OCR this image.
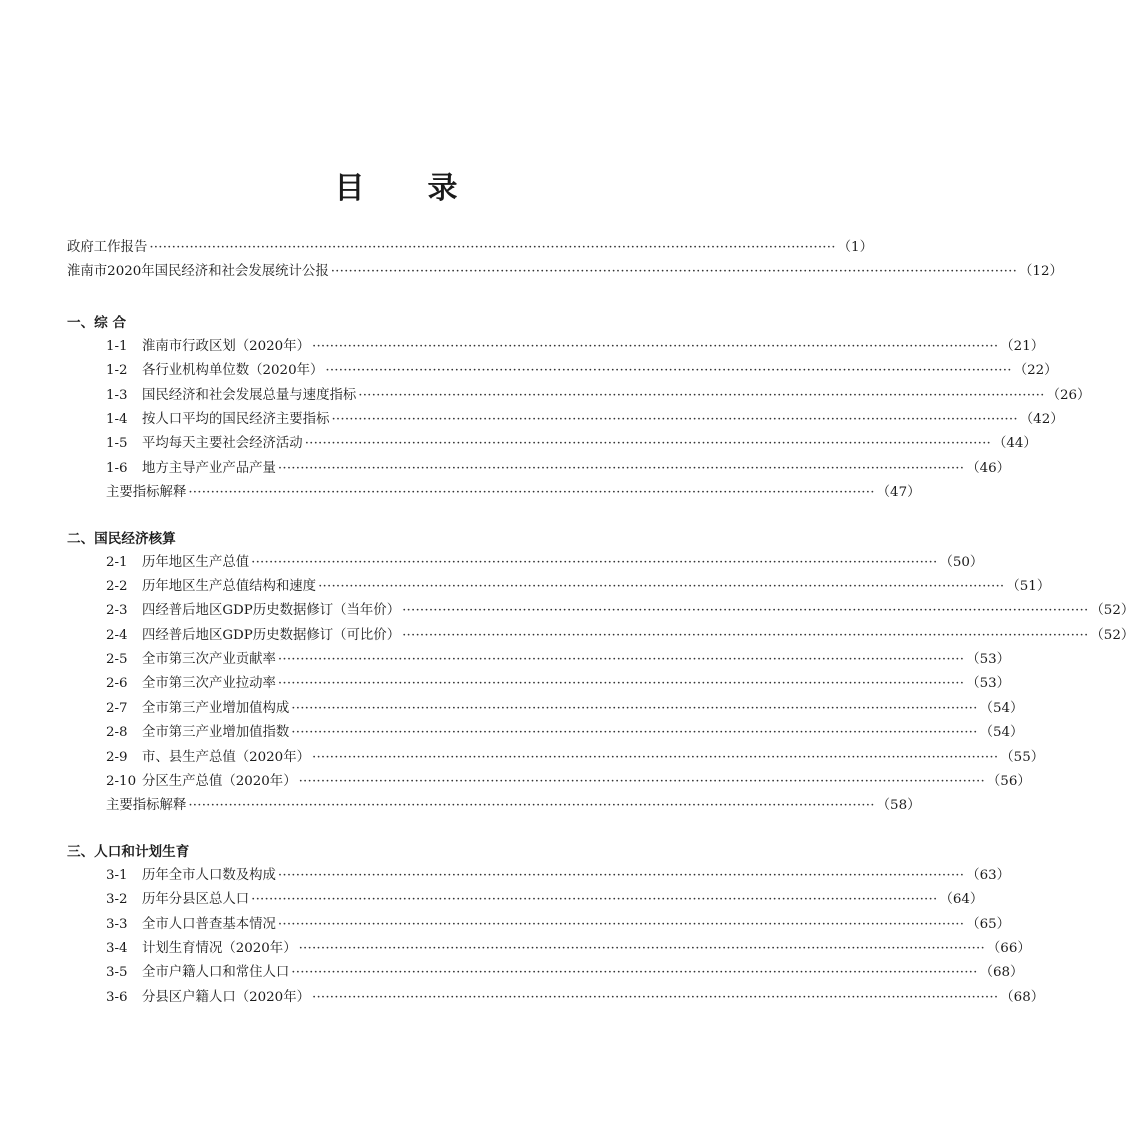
目 录
政府工作报告 ·························································································································································· （1）
淮南市2020年国民经济和社会发展统计公报 ·························································································································································· （12）
一、综 合
1-1	淮南市行政区划（2020年） ·························································································································································· （21）
1-2	各行业机构单位数（2020年） ·························································································································································· （22）
1-3	国民经济和社会发展总量与速度指标 ·························································································································································· （26）
1-4	按人口平均的国民经济主要指标 ·························································································································································· （42）
1-5	平均每天主要社会经济活动 ·························································································································································· （44）
1-6	地方主导产业产品产量 ·························································································································································· （46）
主要指标解释 ·························································································································································· （47）
二、国民经济核算
2-1	历年地区生产总值 ·························································································································································· （50）
2-2	历年地区生产总值结构和速度 ·························································································································································· （51）
2-3	四经普后地区GDP历史数据修订（当年价） ·························································································································································· （52）
2-4	四经普后地区GDP历史数据修订（可比价） ·························································································································································· （52）
2-5	全市第三次产业贡献率 ·························································································································································· （53）
2-6	全市第三次产业拉动率 ·························································································································································· （53）
2-7	全市第三产业增加值构成 ·························································································································································· （54）
2-8	全市第三产业增加值指数 ·························································································································································· （54）
2-9	市、县生产总值（2020年） ·························································································································································· （55）
2-10 分区生产总值（2020年） ·························································································································································· （56）
主要指标解释 ·························································································································································· （58）
三、人口和计划生育
3-1	历年全市人口数及构成 ·························································································································································· （63）
3-2	历年分县区总人口 ·························································································································································· （64）
3-3	全市人口普查基本情况 ·························································································································································· （65）
3-4	计划生育情况（2020年） ·························································································································································· （66）
3-5	全市户籍人口和常住人口 ·························································································································································· （68）
3-6	分县区户籍人口（2020年） ·························································································································································· （68）
